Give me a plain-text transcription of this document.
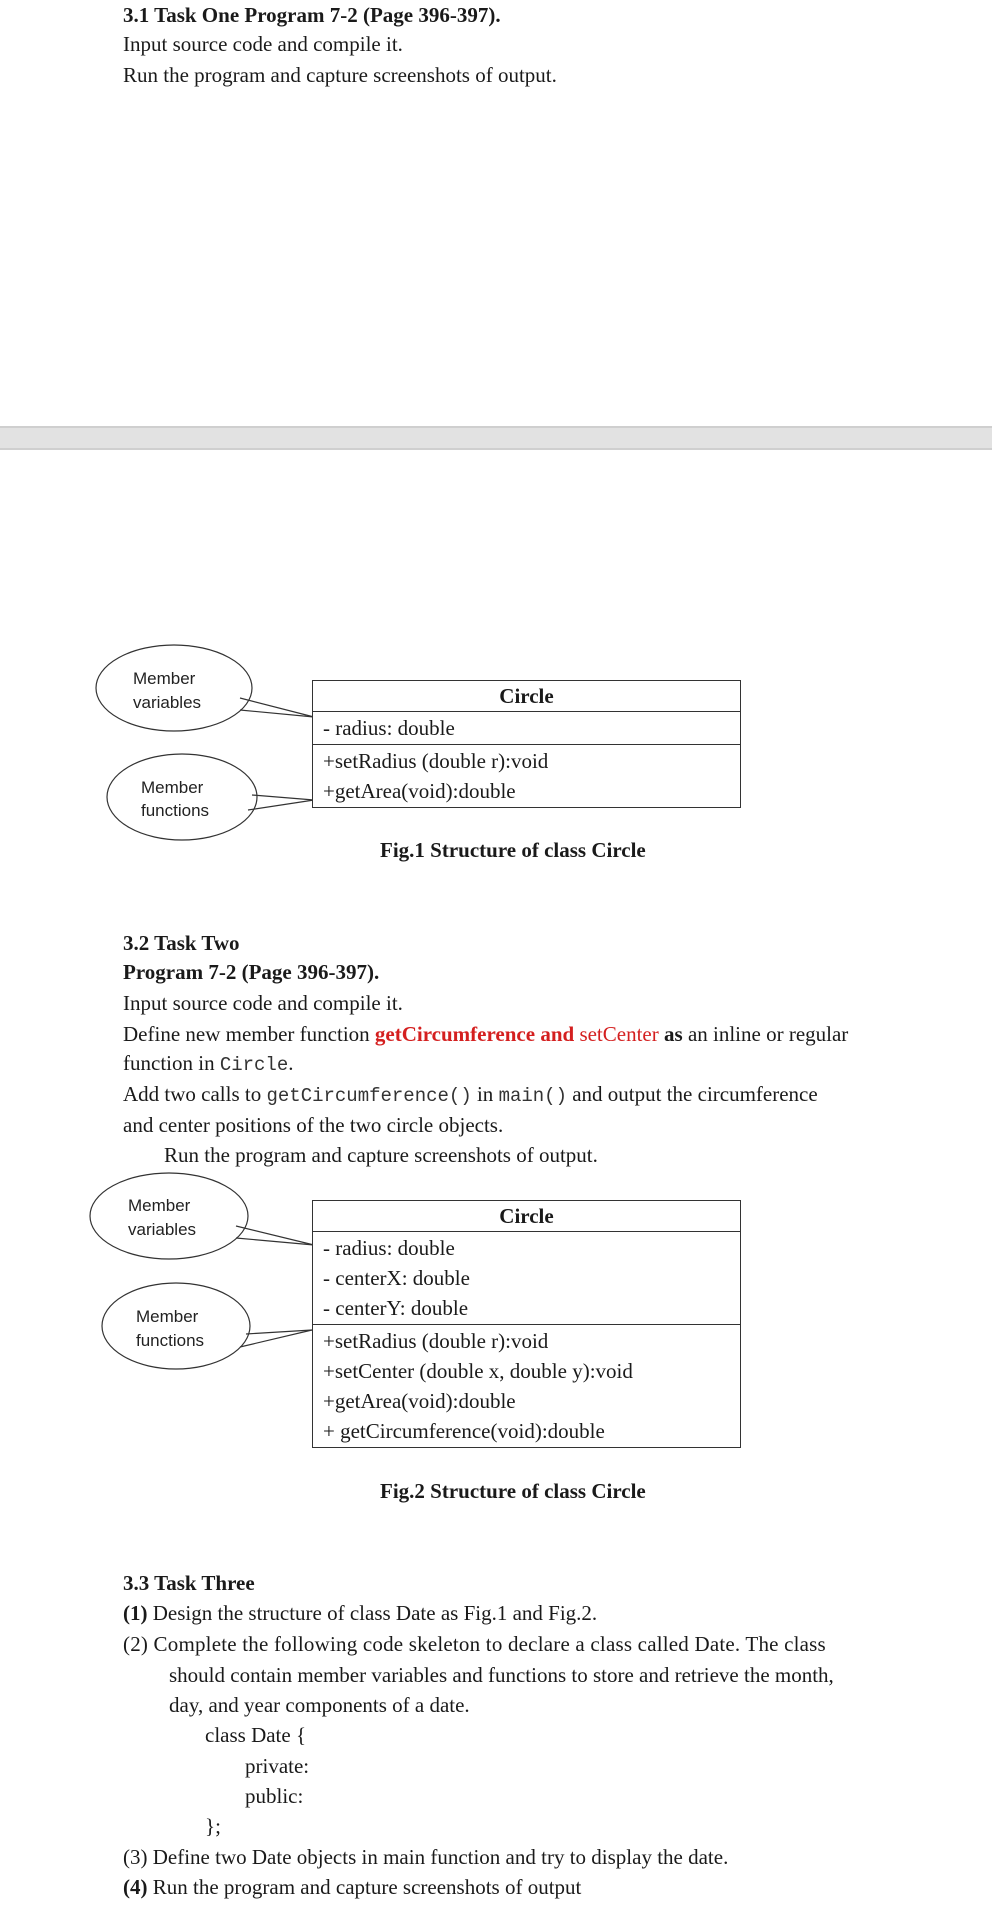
3.1 Task One Program 7-2 (Page 396-397).
Input source code and compile it.
Run the program and capture screenshots of output.
Member
variables
Member
functions
Circle
- radius: double
+setRadius (double r):void
+getArea(void):double
Fig.1 Structure of class Circle
3.2 Task Two
Program 7-2 (Page 396-397).
Input source code and compile it.
Define new member function getCircumference and setCenter as an inline or regular
function in Circle.
Add two calls to getCircumference() in main() and output the circumference
and center positions of the two circle objects.
Run the program and capture screenshots of output.
Member
variables
Member
functions
Circle
- radius: double
- centerX: double
- centerY: double
+setRadius (double r):void
+setCenter (double x, double y):void
+getArea(void):double
+ getCircumference(void):double
Fig.2 Structure of class Circle
3.3 Task Three
(1) Design the structure of class Date as Fig.1 and Fig.2.
(2) Complete the following code skeleton to declare a class called Date. The class
should contain member variables and functions to store and retrieve the month,
day, and year components of a date.
class Date {
private:
public:
};
(3) Define two Date objects in main function and try to display the date.
(4) Run the program and capture screenshots of output
